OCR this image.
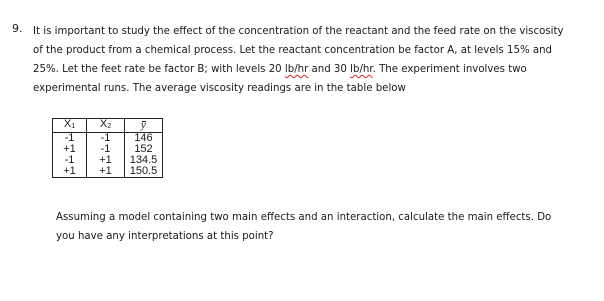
9. It is important to study the effect of the concentration of the reactant and the feed rate on the viscosity
of the product from a chemical process. Let the reactant concentration be factor A, at levels 15% and
25%. Let the feet rate be factor B; with levels 20 lb/hr and 30 lb/hr. The experiment involves two
experimental runs. The average viscosity readings are in the table below
X1	X2	y
-1	-1	146
+1	-1	152
-1	+1	134.5
+1	+1	150.5
Assuming a model containing two main effects and an interaction, calculate the main effects. Do
you have any interpretations at this point?
